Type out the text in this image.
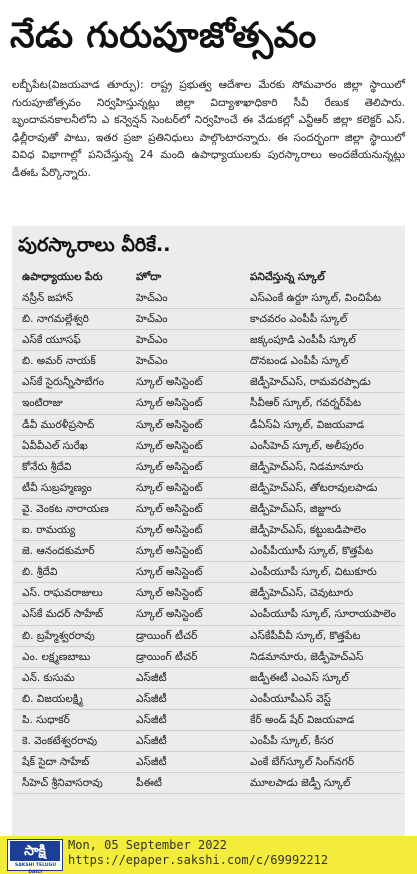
నేడు గురుపూజోత్సవం
లబ్బీపేట(విజయవాడ తూర్పు): రాష్ట్ర ప్రభుత్వ ఆదేశాల మేరకు సోమవారం జిల్లా స్థాయిలో గురుపూజోత్సవం నిర్వహిస్తున్నట్లు జిల్లా విద్యాశాఖాధికారి సీవీ రేణుక తెలిపారు. బృందావనకాలనీలోని ఎ కన్వెన్షన్ సెంటర్‌లో నిర్వహించే ఈ వేడుకల్లో ఎన్టీఆర్ జిల్లా కలెక్టర్ ఎస్. ఢిల్లీరావుతో పాటు, ఇతర ప్రజా ప్రతినిధులు పాల్గొంటారన్నారు. ఈ సందర్భంగా జిల్లా స్థాయిలో వివిధ విభాగాల్లో పనిచేస్తున్న 24 మంది ఉపాధ్యాయులకు పురస్కారాలు అందజేయనున్నట్లు డీఈఓ పేర్కొన్నారు.
పురస్కారాలు వీరికే..
ఉపాధ్యాయుల పేరు	హోదా	పనిచేస్తున్న స్కూల్
నస్రీన్ జహాన్	హెచ్ఎం	ఎస్ఎంకే ఉర్దూ స్కూల్, వించిపేట
బి. నాగమల్లేశ్వరి	హెచ్ఎం	కాచవరం ఎంపీపీ స్కూల్
ఎస్‌కే యూసఫ్	హెచ్ఎం	జక్కంపూడి ఎంపీపీ స్కూల్
బి. అమర్ నాయక్	హెచ్ఎం	దొనబండ ఎంపీపీ స్కూల్
ఎస్‌కే సైరున్నీసాబేగం	స్కూల్ అసిస్టెంట్	జెడ్పీహెచ్ఎస్, రామవరప్పాడు
ఇంటిరాజు	స్కూల్ అసిస్టెంట్	సీవీఆర్ స్కూల్, గవర్నర్‌పేట
డీవీ మురళీప్రసాద్	స్కూల్ అసిస్టెంట్	డీఏస్ఏ స్కూల్, విజయవాడ
ఏవీవీఎల్ సురేఖ	స్కూల్ అసిస్టెంట్	ఎంసీహెచ్ స్కూల్, అలీపురం
కోనేరు శ్రీదేవి	స్కూల్ అసిస్టెంట్	జెడ్పీహెచ్ఎస్, నిడమానూరు
టీవీ సుబ్రహ్మణ్యం	స్కూల్ అసిస్టెంట్	జెడ్పీహెచ్ఎస్, తోటరావులపాడు
వై. వెంకట నారాయణ	స్కూల్ అసిస్టెంట్	జెడ్పీహెచ్ఎస్, జిజ్జూరు
ఐ. రామయ్య	స్కూల్ అసిస్టెంట్	జెడ్పీహెచ్ఎస్, కట్టుబడిపాలెం
జె. ఆనందకుమార్	స్కూల్ అసిస్టెంట్	ఎంపీపీయూపీ స్కూల్, కొత్తపేట
బి. శ్రీదేవి	స్కూల్ అసిస్టెంట్	ఎంపీయూపీ స్కూల్, చిటుకూరు
ఎస్. రాఘవరాజులు	స్కూల్ అసిస్టెంట్	జెడ్పీహెచ్ఎస్, చెవుటూరు
ఎస్‌కే మదర్ సాహేబ్	స్కూల్ అసిస్టెంట్	ఎంపీయూపీ స్కూల్, సూరాయపాలెం
బి. బ్రహ్మేశ్వరరావు	డ్రాయింగ్ టీచర్	ఎస్‌కేపీవీవీ స్కూల్, కొత్తపేట
ఎం. లక్ష్మణబాబు	డ్రాయింగ్ టీచర్	నిడమానూరు, జెడ్పీహెచ్ఎస్
ఎన్. కుసుమ	ఎస్‌జీటీ	జడ్పీఈటీ ఎంఎస్ స్కూల్
బి. విజయలక్ష్మి	ఎస్‌జీటీ	ఎంపీయూపీఎస్ వెస్ట్
పి. సుధాకర్	ఎస్‌జీటీ	కేర్ అండ్ షేర్ విజయవాడ
కె. వెంకటేశ్వరరావు	ఎస్‌జీటీ	ఎంపీపీ స్కూల్, కీసర
షేక్ సైదా సాహేబ్	ఎస్‌జీటీ	ఎంకే బేగ్‌స్కూల్ సింగ్‌నగర్
సీహెచ్ శ్రీనివాసరావు	పీఈటీ	మూలపాడు జెడ్పీ స్కూల్
సాక్షి
SAKSHI TELUGU DAILY
Mon, 05 September 2022
https://epaper.sakshi.com/c/69992212
